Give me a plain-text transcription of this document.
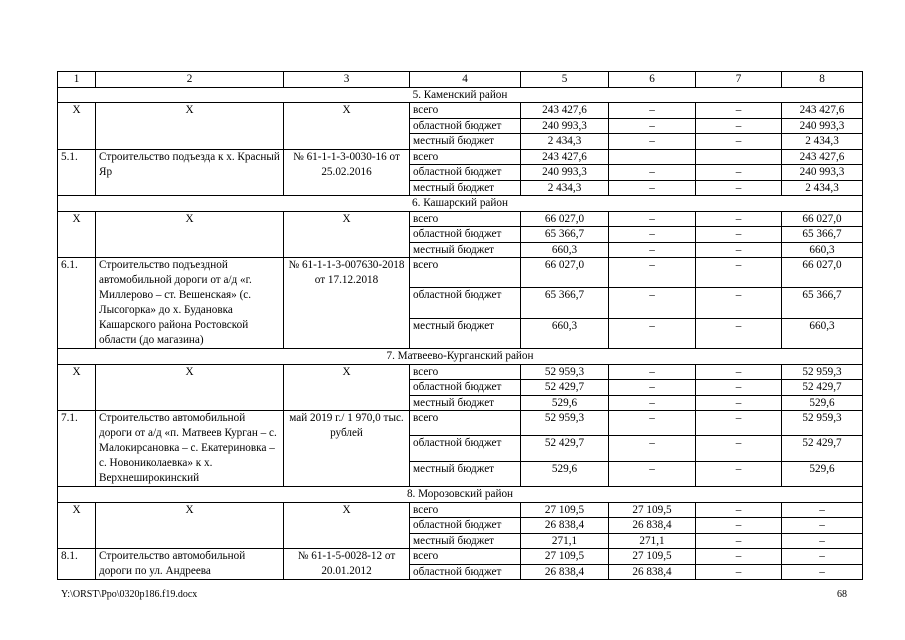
1	2	3	4	5	6	7	8
5. Каменский район							
Х	Х	Х	всего	243 427,6	–	–	243 427,6
			областной бюджет	240 993,3	–	–	240 993,3
			местный бюджет	2 434,3	–	–	2 434,3
5.1.	Строительство подъезда к х. Красный Яр	№ 61-1-1-3-0030-16 от 25.02.2016	всего	243 427,6			243 427,6
			областной бюджет	240 993,3	–	–	240 993,3
			местный бюджет	2 434,3	–	–	2 434,3
6. Кашарский район							
Х	Х	Х	всего	66 027,0	–	–	66 027,0
			областной бюджет	65 366,7	–	–	65 366,7
			местный бюджет	660,3	–	–	660,3
6.1.	Строительство подъездной автомобильной дороги от а/д «г. Миллерово – ст. Вешенская» (с. Лысогорка» до х. Будановка Кашарского района Ростовской области (до магазина)	№ 61-1-1-3-007630-2018 от 17.12.2018	всего	66 027,0	–	–	66 027,0
			областной бюджет	65 366,7	–	–	65 366,7
			местный бюджет	660,3	–	–	660,3
7. Матвеево-Курганский район							
Х	Х	Х	всего	52 959,3	–	–	52 959,3
			областной бюджет	52 429,7	–	–	52 429,7
			местный бюджет	529,6	–	–	529,6
7.1.	Строительство автомобильной дороги от а/д «п. Матвеев Курган – с. Малокирсановка – с. Екатериновка – с. Новониколаевка» к х. Верхнеширокинский	май 2019 г./ 1 970,0 тыс. рублей	всего	52 959,3	–	–	52 959,3
			областной бюджет	52 429,7	–	–	52 429,7
			местный бюджет	529,6	–	–	529,6
8. Морозовский район							
Х	Х	Х	всего	27 109,5	27 109,5	–	–
			областной бюджет	26 838,4	26 838,4	–	–
			местный бюджет	271,1	271,1	–	–
8.1.	Строительство автомобильной дороги по ул. Андреева	№ 61-1-5-0028-12 от 20.01.2012	всего	27 109,5	27 109,5	–	–
			областной бюджет	26 838,4	26 838,4	–	–
Y:\ORST\Ppo\0320p186.f19.docx	68
